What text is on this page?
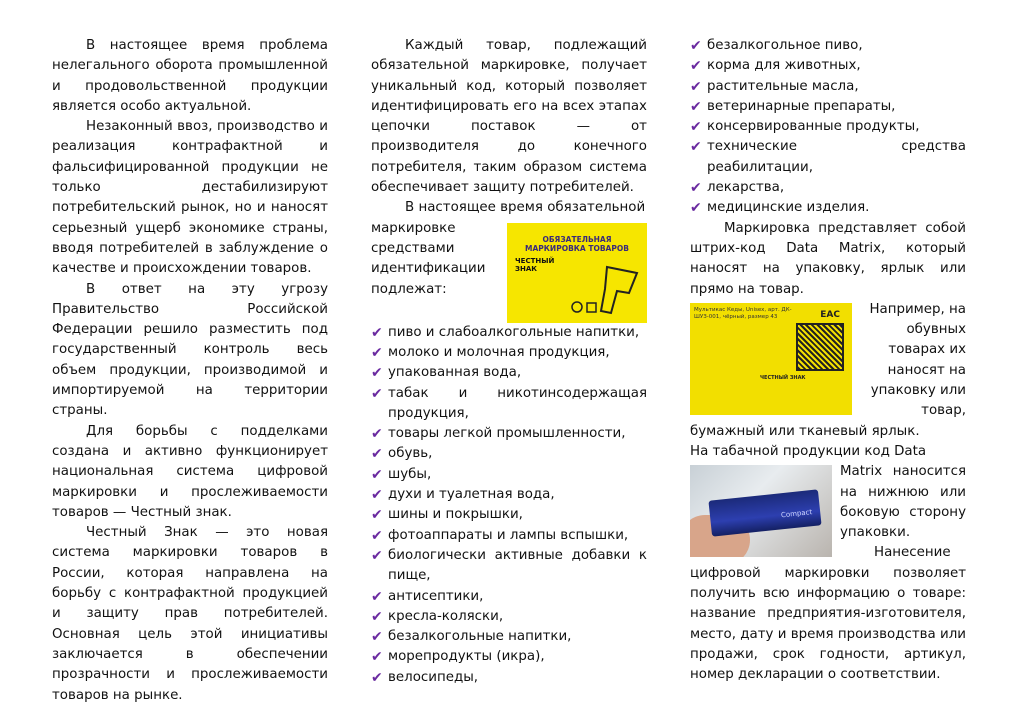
В настоящее время проблема нелегального оборота промышленной и продовольственной продукции является особо актуальной.

Незаконный ввоз, производство и реализация контрафактной и фальсифицированной продукции не только дестабилизируют потребительский рынок, но и наносят серьезный ущерб экономике страны, вводя потребителей в заблуждение о качестве и происхождении товаров.

В ответ на эту угрозу Правительство Российской Федерации решило разместить под государственный контроль весь объем продукции, производимой и импортируемой на территории страны.

Для борьбы с подделками создана и активно функционирует национальная система цифровой маркировки и прослеживаемости товаров — Честный знак.

Честный Знак — это новая система маркировки товаров в России, которая направлена на борьбу с контрафактной продукцией и защиту прав потребителей. Основная цель этой инициативы заключается в обеспечении прозрачности и прослеживаемости товаров на рынке.

Каждый товар, подлежащий обязательной маркировке, получает уникальный код, который позволяет идентифицировать его на всех этапах цепочки поставок — от производителя до конечного потребителя, таким образом система обеспечивает защиту потребителей.

В настоящее время обязательной

ОБЯЗАТЕЛЬНАЯ МАРКИРОВКА ТОВАРОВ
ЧЕСТНЫЙ ЗНАК

маркировке средствами идентификации подлежат:

✔ пиво и слабоалкогольные напитки,
✔ молоко и молочная продукция,
✔ упакованная вода,
✔ табак и никотинсодержащая продукция,
✔ товары легкой промышленности,
✔ обувь,
✔ шубы,
✔ духи и туалетная вода,
✔ шины и покрышки,
✔ фотоаппараты и лампы вспышки,
✔ биологически активные добавки к пище,
✔ антисептики,
✔ кресла-коляски,
✔ безалкогольные напитки,
✔ морепродукты (икра),
✔ велосипеды,
✔ безалкогольное пиво,
✔ корма для животных,
✔ растительные масла,
✔ ветеринарные препараты,
✔ консервированные продукты,
✔ технические средства реабилитации,
✔ лекарства,
✔ медицинские изделия.

Маркировка представляет собой штрих-код Data Matrix, который наносят на упаковку, ярлык или прямо на товар.

Мультикас Кеды, Unisex, арт. ДК-ШУЗ-001, чёрный, размер 43	ЕАС
ЧЕСТНЫЙ ЗНАК

Например, на обувных товарах их наносят на упаковку или товар,

бумажный или тканевый ярлык.

На табачной продукции код Data

Compact

Matrix наносится на нижнюю или боковую сторону упаковки.

Нанесение

цифровой маркировки позволяет получить всю информацию о товаре: название предприятия-изготовителя, место, дату и время производства или продажи, срок годности, артикул, номер декларации о соответствии.
